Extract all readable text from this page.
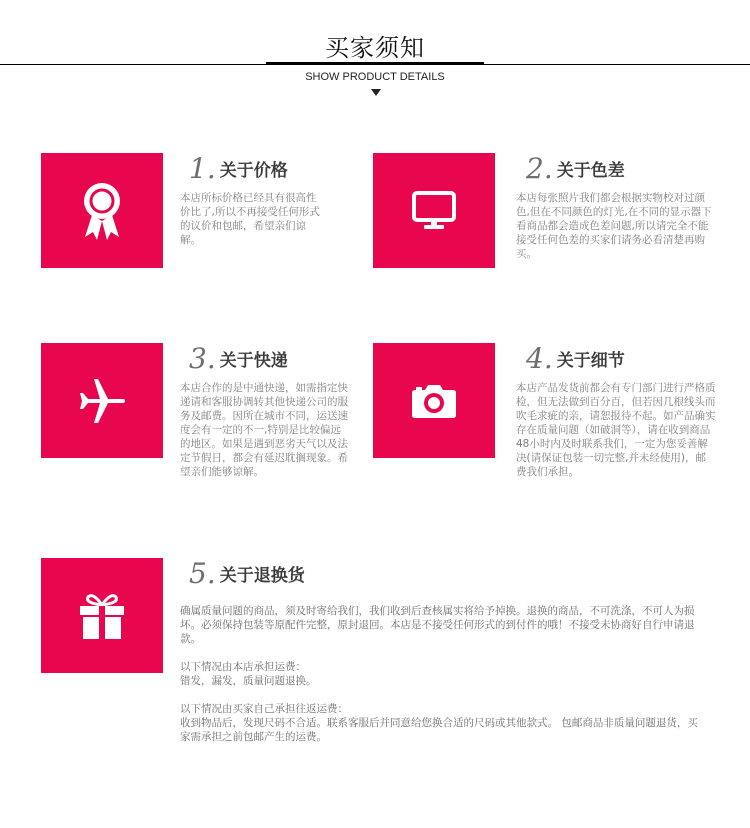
买家须知
SHOW PRODUCT DETAILS
1. 关于价格
本店所标价格已经具有很高性价比了,所以不再接受任何形式的议价和包邮，希望亲们谅解。
2. 关于色差
本店每张照片我们都会根据实物校对过颜色,但在不同颜色的灯光,在不同的显示器下看商品都会造成色差问题,所以请完全不能接受任何色差的买家们请务必看清楚再购买。
3. 关于快递
本店合作的是中通快递，如需指定快递请和客服协调转其他快递公司的服务及邮费。因所在城市不同，运送速度会有一定的不一,特别是比较偏远的地区。如果是遇到恶劣天气以及法定节假日，都会有延迟耽搁现象。希望亲们能够谅解。
4. 关于细节
本店产品发货前都会有专门部门进行严格质检，但无法做到百分百，但若因几根线头而吹毛求疵的亲，请恕报待不起。如产品确实存在质量问题（如破洞等），请在收到商品48小时内及时联系我们，一定为您妥善解决(请保证包装一切完整,并未经使用)，邮费我们承担。
5. 关于退换货

确属质量问题的商品，须及时寄给我们，我们收到后查核属实将给予掉换。退换的商品，不可洗涤，不可人为损坏。必须保持包装等原配件完整，原封退回。本店是不接受任何形式的到付件的哦！不接受未协商好自行申请退款。

以下情况由本店承担运费：

错发，漏发，质量问题退换。

以下情况由买家自己承担往返运费：

收到物品后，发现尺码不合适。联系客服后并同意给您换合适的尺码或其他款式。 包邮商品非质量问题退货，买家需承担之前包邮产生的运费。
